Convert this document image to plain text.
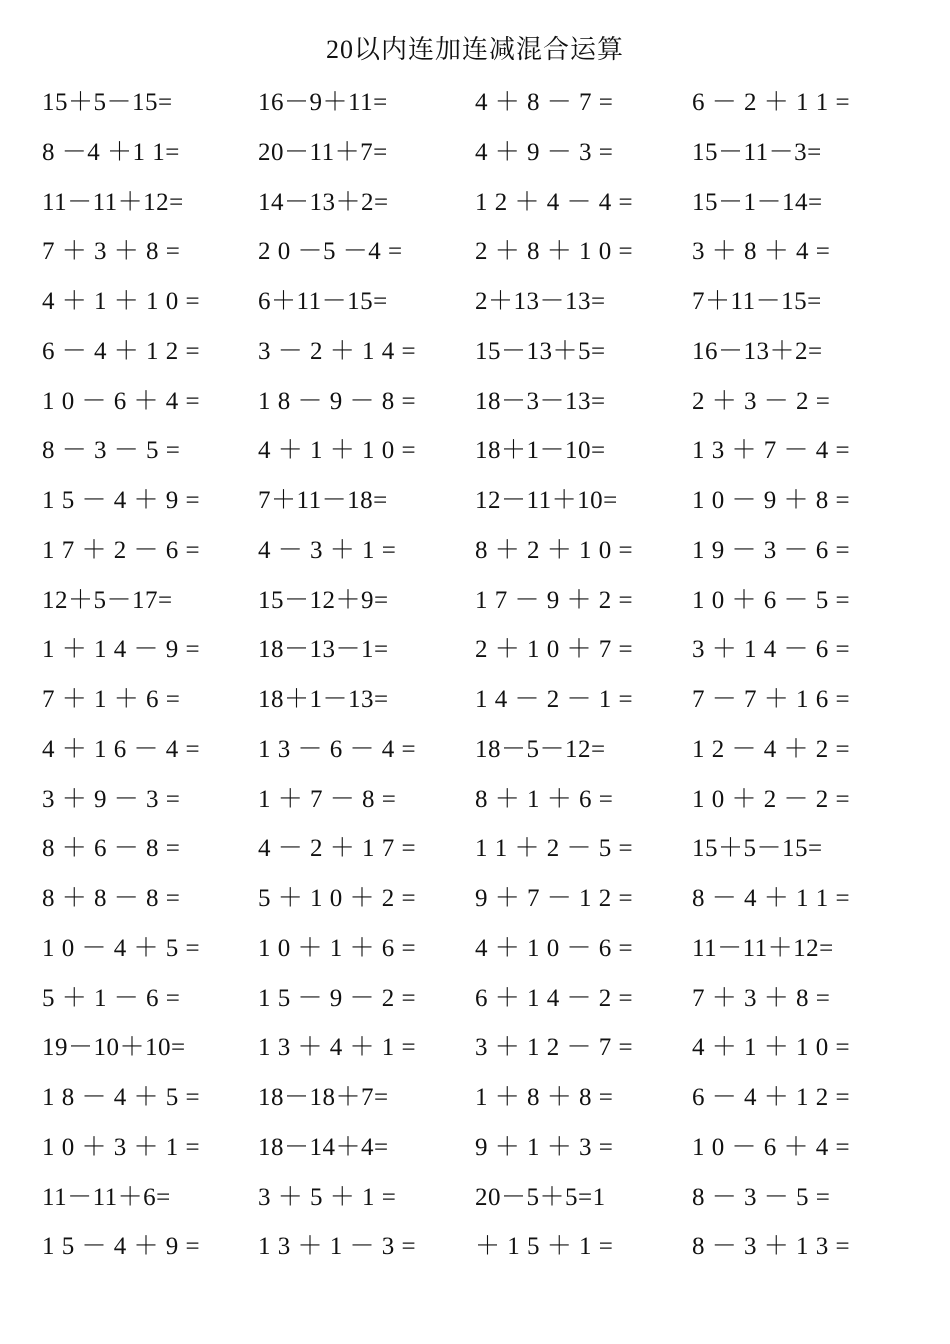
20以内连加连减混合运算
15＋5－15=	16－9＋11=	4 ＋ 8 － 7 =	6 － 2 ＋ 1 1 =
8 －4 ＋1 1=	20－11＋7=	4 ＋ 9 － 3 =	15－11－3=
11－11＋12=	14－13＋2=	1 2 ＋ 4 － 4 =	15－1－14=
7 ＋ 3 ＋ 8 =	2 0 －5 －4 =	2 ＋ 8 ＋ 1 0 =	3 ＋ 8 ＋ 4 =
4 ＋ 1 ＋ 1 0 =	6＋11－15=	2＋13－13=	7＋11－15=
6 － 4 ＋ 1 2 =	3 － 2 ＋ 1 4 =	15－13＋5=	16－13＋2=
1 0 － 6 ＋ 4 =	1 8 － 9 － 8 =	18－3－13=	2 ＋ 3 － 2 =
8 － 3 － 5 =	4 ＋ 1 ＋ 1 0 =	18＋1－10=	1 3 ＋ 7 － 4 =
1 5 － 4 ＋ 9 =	7＋11－18=	12－11＋10=	1 0 － 9 ＋ 8 =
1 7 ＋ 2 － 6 =	4 － 3 ＋ 1 =	8 ＋ 2 ＋ 1 0 =	1 9 － 3 － 6 =
12＋5－17=	15－12＋9=	1 7 － 9 ＋ 2 =	1 0 ＋ 6 － 5 =
1 ＋ 1 4 － 9 =	18－13－1=	2 ＋ 1 0 ＋ 7 =	3 ＋ 1 4 － 6 =
7 ＋ 1 ＋ 6 =	18＋1－13=	1 4 － 2 － 1 =	7 － 7 ＋ 1 6 =
4 ＋ 1 6 － 4 =	1 3 － 6 － 4 =	18－5－12=	1 2 － 4 ＋ 2 =
3 ＋ 9 － 3 =	1 ＋ 7 － 8 =	8 ＋ 1 ＋ 6 =	1 0 ＋ 2 － 2 =
8 ＋ 6 － 8 =	4 － 2 ＋ 1 7 =	1 1 ＋ 2 － 5 =	15＋5－15=
8 ＋ 8 － 8 =	5 ＋ 1 0 ＋ 2 =	9 ＋ 7 － 1 2 =	8 － 4 ＋ 1 1 =
1 0 － 4 ＋ 5 =	1 0 ＋ 1 ＋ 6 =	4 ＋ 1 0 － 6 =	11－11＋12=
5 ＋ 1 － 6 =	1 5 － 9 － 2 =	6 ＋ 1 4 － 2 =	7 ＋ 3 ＋ 8 =
19－10＋10=	1 3 ＋ 4 ＋ 1 =	3 ＋ 1 2 － 7 =	4 ＋ 1 ＋ 1 0 =
1 8 － 4 ＋ 5 =	18－18＋7=	1 ＋ 8 ＋ 8 =	6 － 4 ＋ 1 2 =
1 0 ＋ 3 ＋ 1 =	18－14＋4=	9 ＋ 1 ＋ 3 =	1 0 － 6 ＋ 4 =
11－11＋6=	3 ＋ 5 ＋ 1 =	20－5＋5=1	8 － 3 － 5 =
1 5 － 4 ＋ 9 =	1 3 ＋ 1 － 3 =	＋ 1 5 ＋ 1 =	8 － 3 ＋ 1 3 =
